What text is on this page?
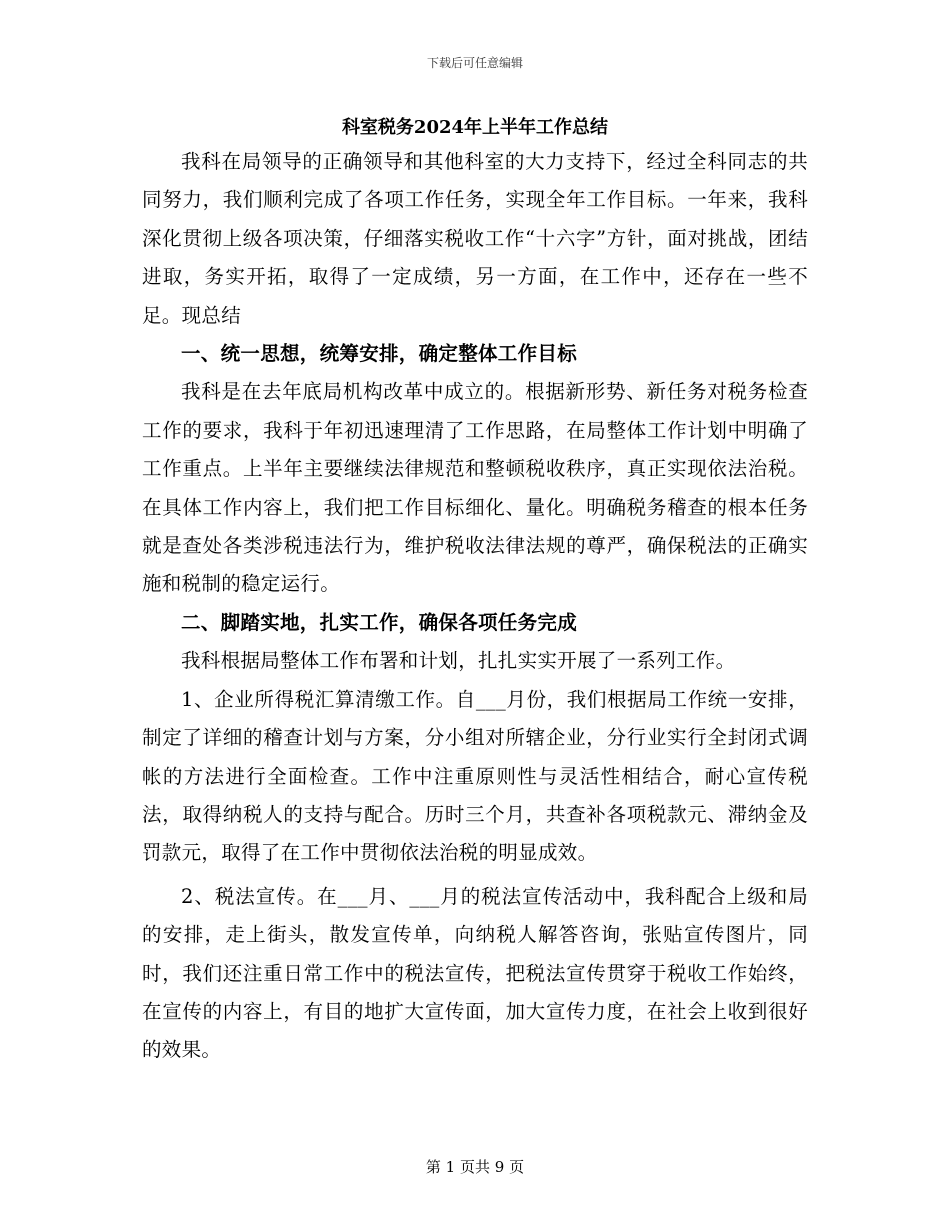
下载后可任意编辑
科室税务2024年上半年工作总结

我科在局领导的正确领导和其他科室的大力支持下，经过全科同志的共同努力，我们顺利完成了各项工作任务，实现全年工作目标。一年来，我科深化贯彻上级各项决策，仔细落实税收工作“十六字”方针，面对挑战，团结进取，务实开拓，取得了一定成绩，另一方面，在工作中，还存在一些不足。现总结

一、统一思想，统筹安排，确定整体工作目标

我科是在去年底局机构改革中成立的。根据新形势、新任务对税务检查工作的要求，我科于年初迅速理清了工作思路，在局整体工作计划中明确了工作重点。上半年主要继续法律规范和整顿税收秩序，真正实现依法治税。在具体工作内容上，我们把工作目标细化、量化。明确税务稽查的根本任务就是查处各类涉税违法行为，维护税收法律法规的尊严，确保税法的正确实施和税制的稳定运行。

二、脚踏实地，扎实工作，确保各项任务完成

我科根据局整体工作布署和计划，扎扎实实开展了一系列工作。

1、企业所得税汇算清缴工作。自___月份，我们根据局工作统一安排，制定了详细的稽查计划与方案，分小组对所辖企业，分行业实行全封闭式调帐的方法进行全面检查。工作中注重原则性与灵活性相结合，耐心宣传税法，取得纳税人的支持与配合。历时三个月，共查补各项税款元、滞纳金及罚款元，取得了在工作中贯彻依法治税的明显成效。

2、税法宣传。在___月、___月的税法宣传活动中，我科配合上级和局的安排，走上街头，散发宣传单，向纳税人解答咨询，张贴宣传图片，同时，我们还注重日常工作中的税法宣传，把税法宣传贯穿于税收工作始终，在宣传的内容上，有目的地扩大宣传面，加大宣传力度，在社会上收到很好的效果。

第 1 页共 9 页
